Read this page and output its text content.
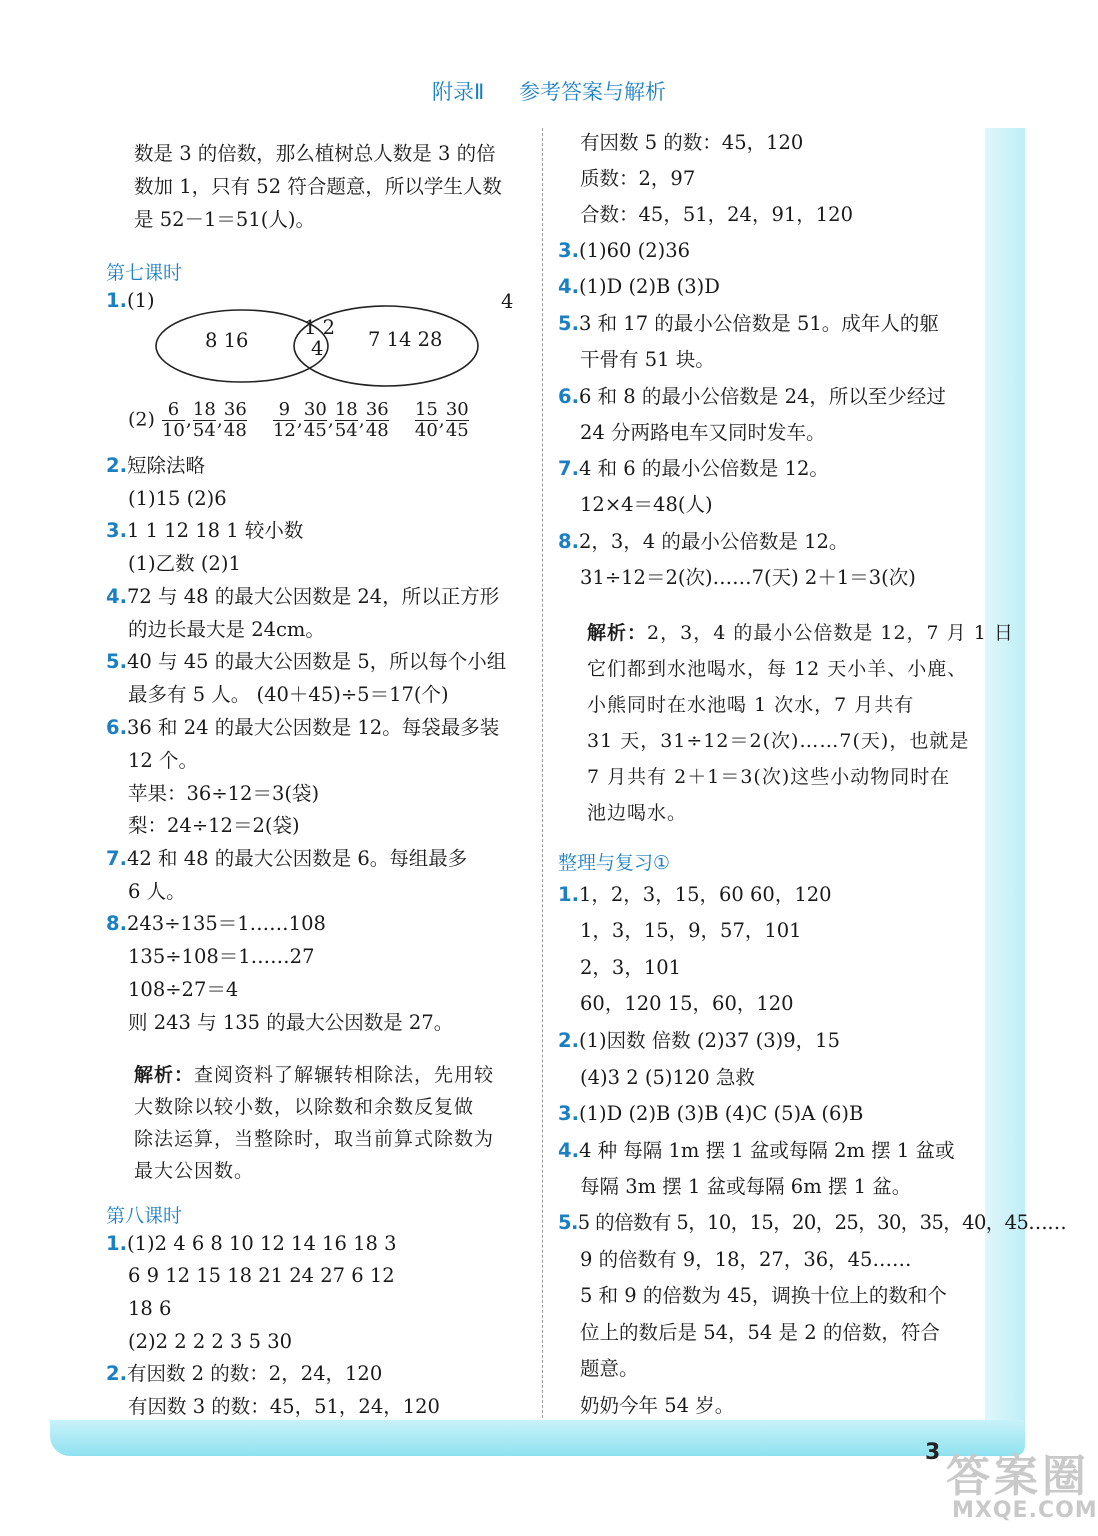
附录Ⅱ 参考答案与解析
数是 3 的倍数，那么植树总人数是 3 的倍
数加 1，只有 52 符合题意，所以学生人数
是 52－1＝51(人)。
第七课时
1.(1)	4
8 16
1 2
4 7 14 28
$(2) \frac{6}{10}$ , $\frac{18}{54}$ , $\frac{36}{48}$
$\frac{9}{12}$ , $\frac{30}{45}$ , $\frac{18}{54}$ , $\frac{36}{48}$
$\frac{15}{40}$ , $\frac{30}{45}$
2.短除法略
(1)15 (2)6
3.1 1 12 18 1 较小数
(1)乙数 (2)1
4.72 与 48 的最大公因数是 24，所以正方形
的边长最大是 24cm。
5.40 与 45 的最大公因数是 5，所以每个小组
最多有 5 人。 (40＋45)÷5＝17(个)
6.36 和 24 的最大公因数是 12。每袋最多装
12 个。
苹果：36÷12＝3(袋)
梨：24÷12＝2(袋)
7.42 和 48 的最大公因数是 6。每组最多
6 人。
8.243÷135＝1……108
135÷108＝1……27
108÷27＝4
则 243 与 135 的最大公因数是 27。
解析：查阅资料了解辗转相除法，先用较
大数除以较小数，以除数和余数反复做
除法运算，当整除时，取当前算式除数为
最大公因数。
第八课时
1.(1)2 4 6 8 10 12 14 16 18 3
6 9 12 15 18 21 24 27 6 12
18 6
(2)2 2 2 2 3 5 30
2.有因数 2 的数：2，24，120
有因数 3 的数：45，51，24，120
有因数 5 的数：45，120
质数：2，97
合数：45，51，24，91，120
3.(1)60 (2)36
4.(1)D (2)B (3)D
5.3 和 17 的最小公倍数是 51。成年人的躯
干骨有 51 块。
6.6 和 8 的最小公倍数是 24，所以至少经过
24 分两路电车又同时发车。
7.4 和 6 的最小公倍数是 12。
12×4＝48(人)
8.2，3，4 的最小公倍数是 12。
31÷12＝2(次)……7(天) 2＋1＝3(次)
解析：2，3，4 的最小公倍数是 12，7 月 1 日
它们都到水池喝水，每 12 天小羊、小鹿、
小熊同时在水池喝 1 次水，7 月共有
31 天，31÷12＝2(次)……7(天)，也就是
7 月共有 2＋1＝3(次)这些小动物同时在
池边喝水。
整理与复习①
1.1，2，3，15，60 60，120
1，3，15，9，57，101
2，3，101
60，120 15，60，120
2.(1)因数 倍数 (2)37 (3)9，15
(4)3 2 (5)120 急救
3.(1)D (2)B (3)B (4)C (5)A (6)B
4.4 种 每隔 1m 摆 1 盆或每隔 2m 摆 1 盆或
每隔 3m 摆 1 盆或每隔 6m 摆 1 盆。
5.5 的倍数有 5，10，15，20，25，30，35，40，45……
9 的倍数有 9，18，27，36，45……
5 和 9 的倍数为 45，调换十位上的数和个
位上的数后是 54，54 是 2 的倍数，符合
题意。
奶奶今年 54 岁。
3 答案圈
MXQE.COM
